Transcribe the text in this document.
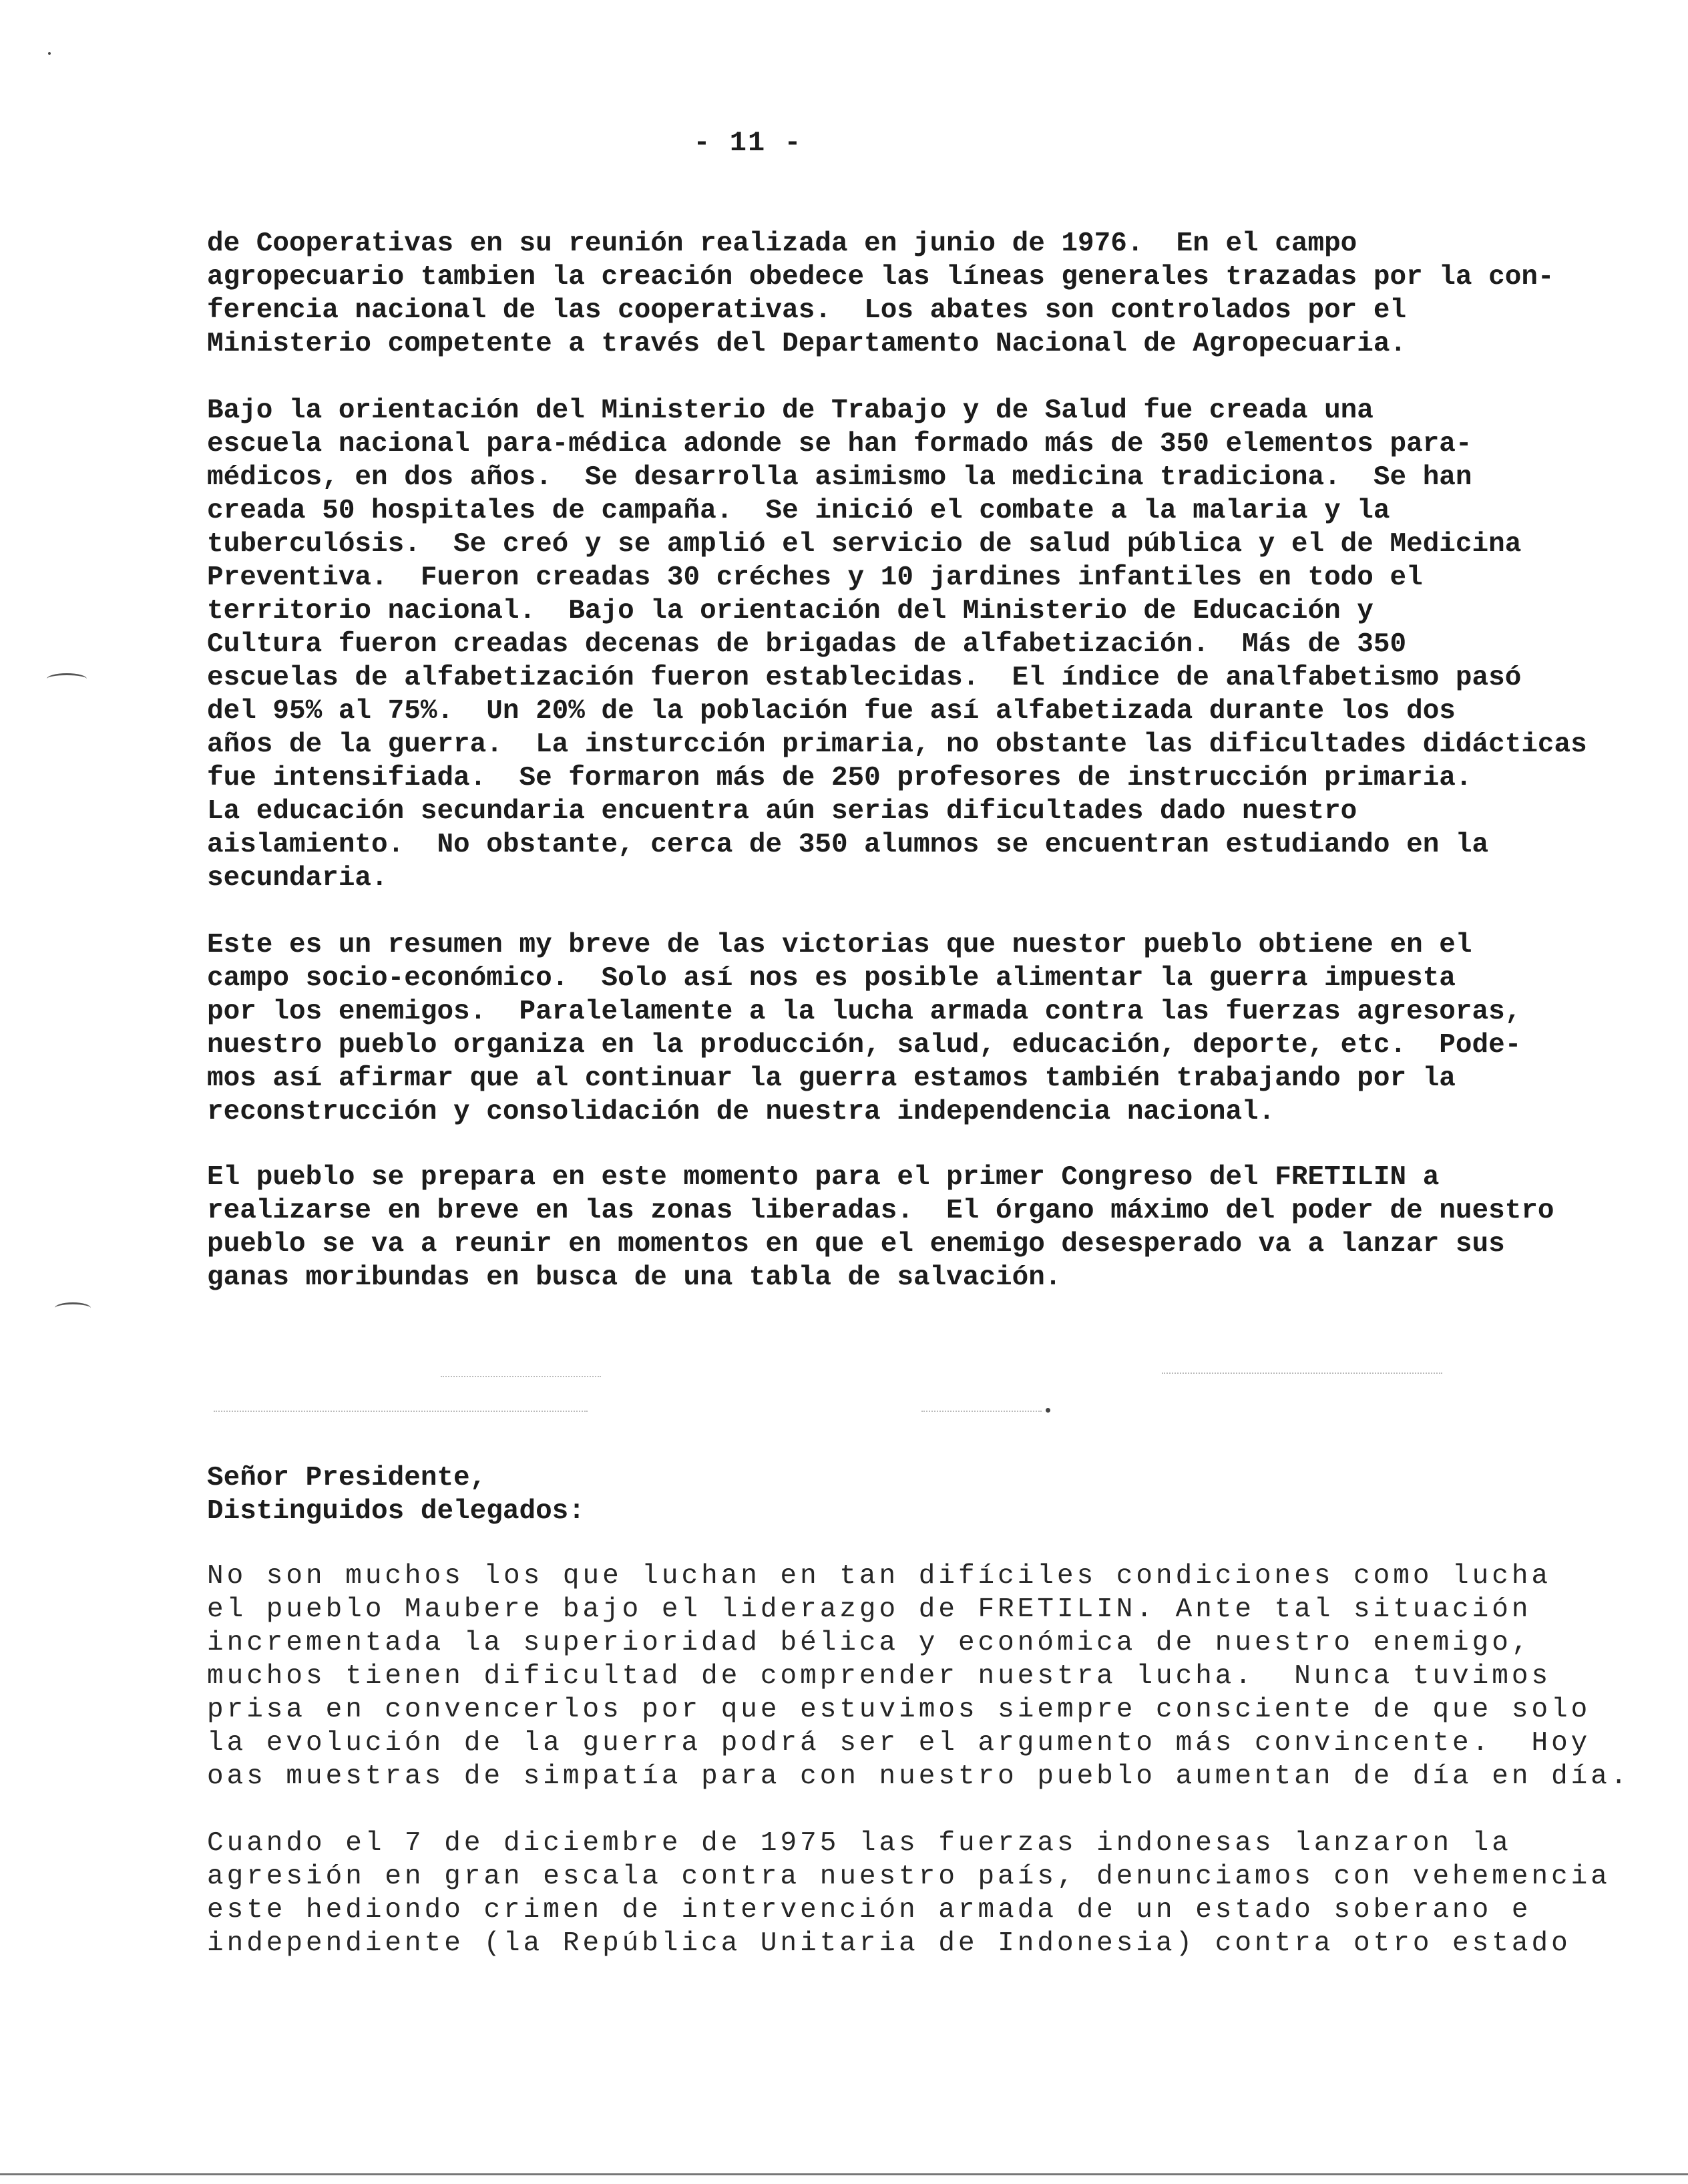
- 11 -

de Cooperativas en su reunión realizada en junio de 1976.  En el campo
agropecuario tambien la creación obedece las líneas generales trazadas por la con-
ferencia nacional de las cooperativas.  Los abates son controlados por el
Ministerio competente a través del Departamento Nacional de Agropecuaria.

Bajo la orientación del Ministerio de Trabajo y de Salud fue creada una
escuela nacional para-médica adonde se han formado más de 350 elementos para-
médicos, en dos años.  Se desarrolla asimismo la medicina tradiciona.  Se han
creada 50 hospitales de campaña.  Se inició el combate a la malaria y la
tuberculósis.  Se creó y se amplió el servicio de salud pública y el de Medicina
Preventiva.  Fueron creadas 30 créches y 10 jardines infantiles en todo el
territorio nacional.  Bajo la orientación del Ministerio de Educación y
Cultura fueron creadas decenas de brigadas de alfabetización.  Más de 350
escuelas de alfabetización fueron establecidas.  El índice de analfabetismo pasó
del 95% al 75%.  Un 20% de la población fue así alfabetizada durante los dos
años de la guerra.  La insturcción primaria, no obstante las dificultades didácticas
fue intensifiada.  Se formaron más de 250 profesores de instrucción primaria.
La educación secundaria encuentra aún serias dificultades dado nuestro
aislamiento.  No obstante, cerca de 350 alumnos se encuentran estudiando en la
secundaria.

Este es un resumen my breve de las victorias que nuestor pueblo obtiene en el
campo socio-económico.  Solo así nos es posible alimentar la guerra impuesta
por los enemigos.  Paralelamente a la lucha armada contra las fuerzas agresoras,
nuestro pueblo organiza en la producción, salud, educación, deporte, etc.  Pode-
mos así afirmar que al continuar la guerra estamos también trabajando por la
reconstrucción y consolidación de nuestra independencia nacional.

El pueblo se prepara en este momento para el primer Congreso del FRETILIN a
realizarse en breve en las zonas liberadas.  El órgano máximo del poder de nuestro
pueblo se va a reunir en momentos en que el enemigo desesperado va a lanzar sus
ganas moribundas en busca de una tabla de salvación.

Señor Presidente,
Distinguidos delegados:

No son muchos los que luchan en tan difíciles condiciones como lucha
el pueblo Maubere bajo el liderazgo de FRETILIN. Ante tal situación
incrementada la superioridad bélica y económica de nuestro enemigo,
muchos tienen dificultad de comprender nuestra lucha.  Nunca tuvimos
prisa en convencerlos por que estuvimos siempre consciente de que solo
la evolución de la guerra podrá ser el argumento más convincente.  Hoy
oas muestras de simpatía para con nuestro pueblo aumentan de día en día.

Cuando el 7 de diciembre de 1975 las fuerzas indonesas lanzaron la
agresión en gran escala contra nuestro país, denunciamos con vehemencia
este hediondo crimen de intervención armada de un estado soberano e
independiente (la República Unitaria de Indonesia) contra otro estado
